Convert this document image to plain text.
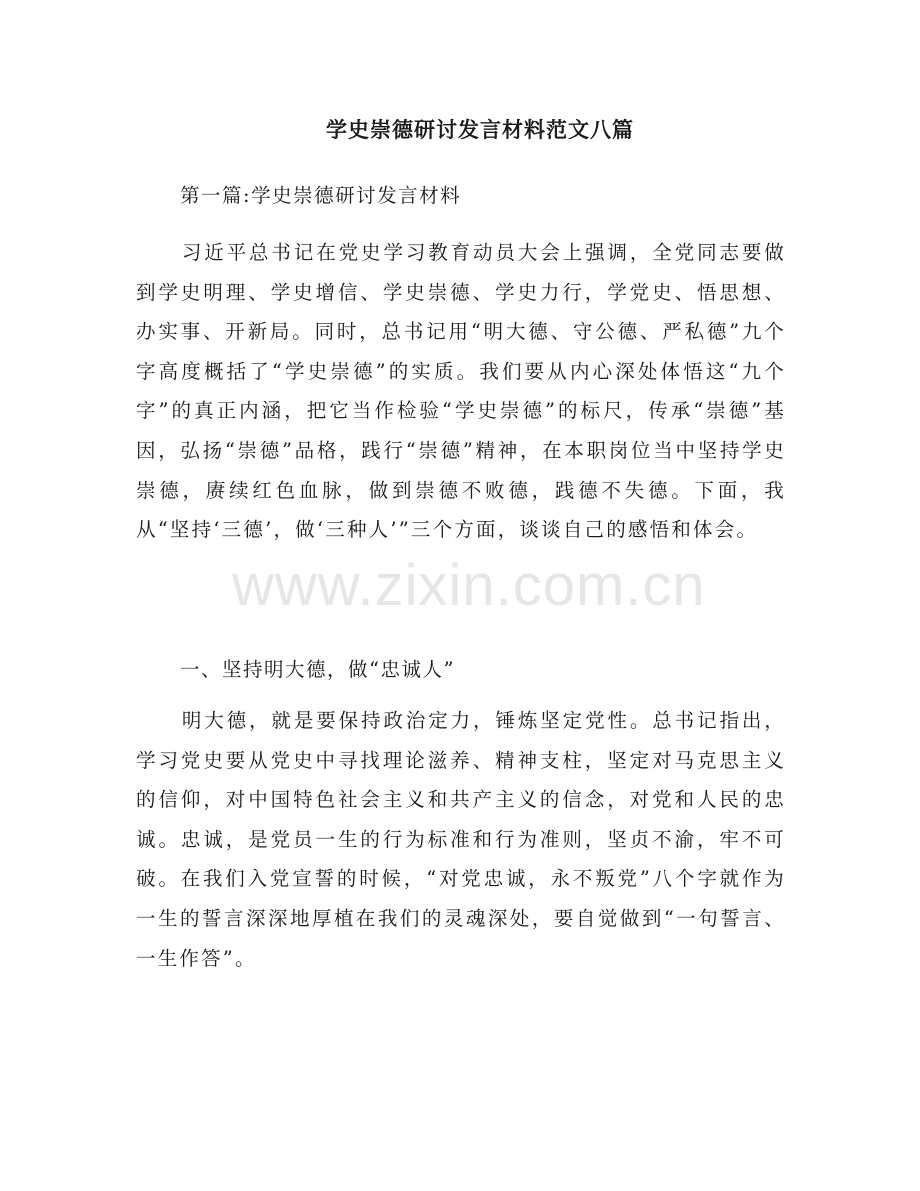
学史崇德研讨发言材料范文八篇

第一篇:学史崇德研讨发言材料

习近平总书记在党史学习教育动员大会上强调，全党同志要做到学史明理、学史增信、学史崇德、学史力行，学党史、悟思想、办实事、开新局。同时，总书记用“明大德、守公德、严私德”九个字高度概括了“学史崇德”的实质。我们要从内心深处体悟这“九个字”的真正内涵，把它当作检验“学史崇德”的标尺，传承“崇德”基因，弘扬“崇德”品格，践行“崇德”精神，在本职岗位当中坚持学史崇德，赓续红色血脉，做到崇德不败德，践德不失德。下面，我从“坚持‘三德’，做‘三种人’”三个方面，谈谈自己的感悟和体会。

一、坚持明大德，做“忠诚人”

明大德，就是要保持政治定力，锤炼坚定党性。总书记指出，学习党史要从党史中寻找理论滋养、精神支柱，坚定对马克思主义的信仰，对中国特色社会主义和共产主义的信念，对党和人民的忠诚。忠诚，是党员一生的行为标准和行为准则，坚贞不渝，牢不可破。在我们入党宣誓的时候，“对党忠诚，永不叛党”八个字就作为一生的誓言深深地厚植在我们的灵魂深处，要自觉做到“一句誓言、一生作答”。

www.zixin.com.cn
